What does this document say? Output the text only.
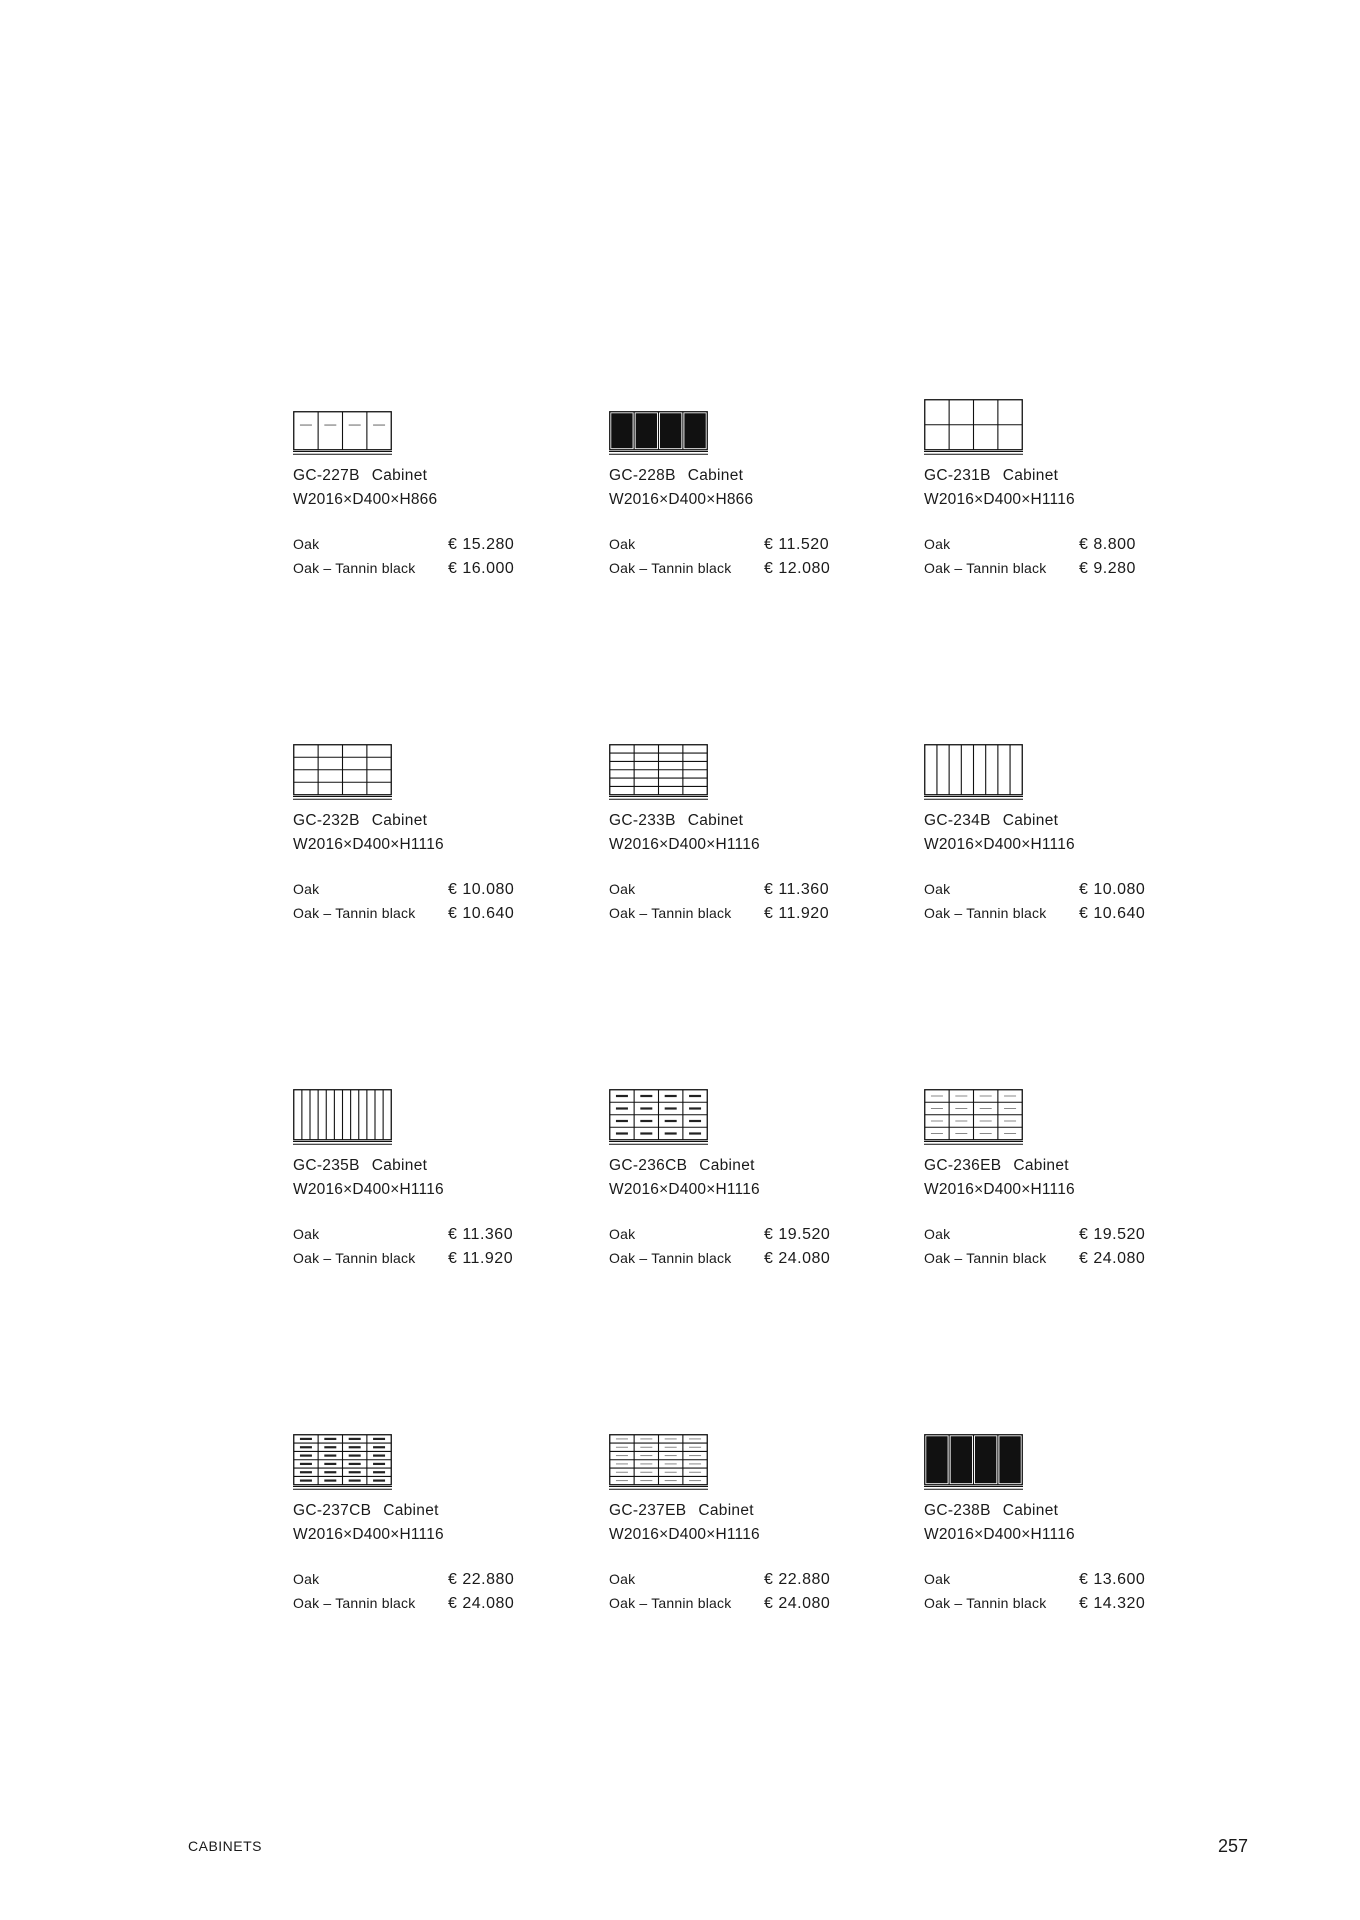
GC-227B Cabinet
W2016×D400×H866
Oak	€ 15.280
Oak – Tannin black € 16.000
GC-228B Cabinet
W2016×D400×H866
Oak	€ 11.520
Oak – Tannin black € 12.080
GC-231B Cabinet
W2016×D400×H1116
Oak	€ 8.800
Oak – Tannin black € 9.280
GC-232B Cabinet
W2016×D400×H1116
Oak	€ 10.080
Oak – Tannin black € 10.640
GC-233B Cabinet
W2016×D400×H1116
Oak	€ 11.360
Oak – Tannin black € 11.920
GC-234B Cabinet
W2016×D400×H1116
Oak	€ 10.080
Oak – Tannin black € 10.640
GC-235B Cabinet
W2016×D400×H1116
Oak	€ 11.360
Oak – Tannin black € 11.920
GC-236CB Cabinet
W2016×D400×H1116
Oak	€ 19.520
Oak – Tannin black € 24.080
GC-236EB Cabinet
W2016×D400×H1116
Oak	€ 19.520
Oak – Tannin black € 24.080
GC-237CB Cabinet
W2016×D400×H1116
Oak	€ 22.880
Oak – Tannin black € 24.080
GC-237EB Cabinet
W2016×D400×H1116
Oak	€ 22.880
Oak – Tannin black € 24.080
GC-238B Cabinet
W2016×D400×H1116
Oak	€ 13.600
Oak – Tannin black € 14.320
CABINETS	257
